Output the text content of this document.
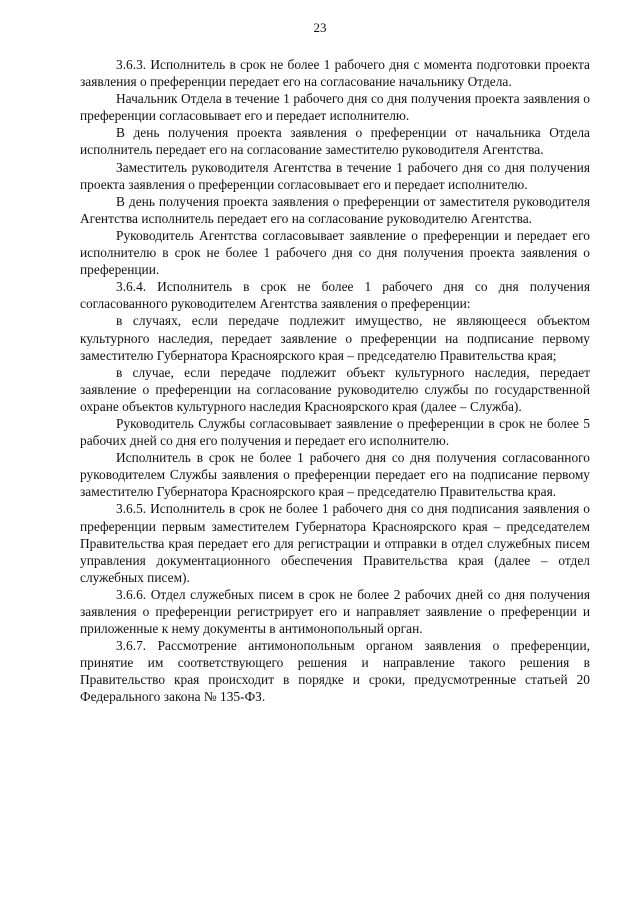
23

3.6.3. Исполнитель в срок не более 1 рабочего дня с момента подготовки проекта заявления о преференции передает его на согласование начальнику Отдела.

Начальник Отдела в течение 1 рабочего дня со дня получения проекта заявления о преференции согласовывает его и передает исполнителю.

В день получения проекта заявления о преференции от начальника Отдела исполнитель передает его на согласование заместителю руководителя Агентства.

Заместитель руководителя Агентства в течение 1 рабочего дня со дня получения проекта заявления о преференции согласовывает его и передает исполнителю.

В день получения проекта заявления о преференции от заместителя руководителя Агентства исполнитель передает его на согласование руководителю Агентства.

Руководитель Агентства согласовывает заявление о преференции и передает его исполнителю в срок не более 1 рабочего дня со дня получения проекта заявления о преференции.

3.6.4. Исполнитель в срок не более 1 рабочего дня со дня получения согласованного руководителем Агентства заявления о преференции:

в случаях, если передаче подлежит имущество, не являющееся объектом культурного наследия, передает заявление о преференции на подписание первому заместителю Губернатора Красноярского края – председателю Правительства края;

в случае, если передаче подлежит объект культурного наследия, передает заявление о преференции на согласование руководителю службы по государственной охране объектов культурного наследия Красноярского края (далее – Служба).

Руководитель Службы согласовывает заявление о преференции в срок не более 5 рабочих дней со дня его получения и передает его исполнителю.

Исполнитель в срок не более 1 рабочего дня со дня получения согласованного руководителем Службы заявления о преференции передает его на подписание первому заместителю Губернатора Красноярского края – председателю Правительства края.

3.6.5. Исполнитель в срок не более 1 рабочего дня со дня подписания заявления о преференции первым заместителем Губернатора Красноярского края – председателем Правительства края передает его для регистрации и отправки в отдел служебных писем управления документационного обеспечения Правительства края (далее – отдел служебных писем).

3.6.6. Отдел служебных писем в срок не более 2 рабочих дней со дня получения заявления о преференции регистрирует его и направляет заявление о преференции и приложенные к нему документы в антимонопольный орган.

3.6.7. Рассмотрение антимонопольным органом заявления о преференции, принятие им соответствующего решения и направление такого решения в Правительство края происходит в порядке и сроки, предусмотренные статьей 20 Федерального закона № 135-ФЗ.
